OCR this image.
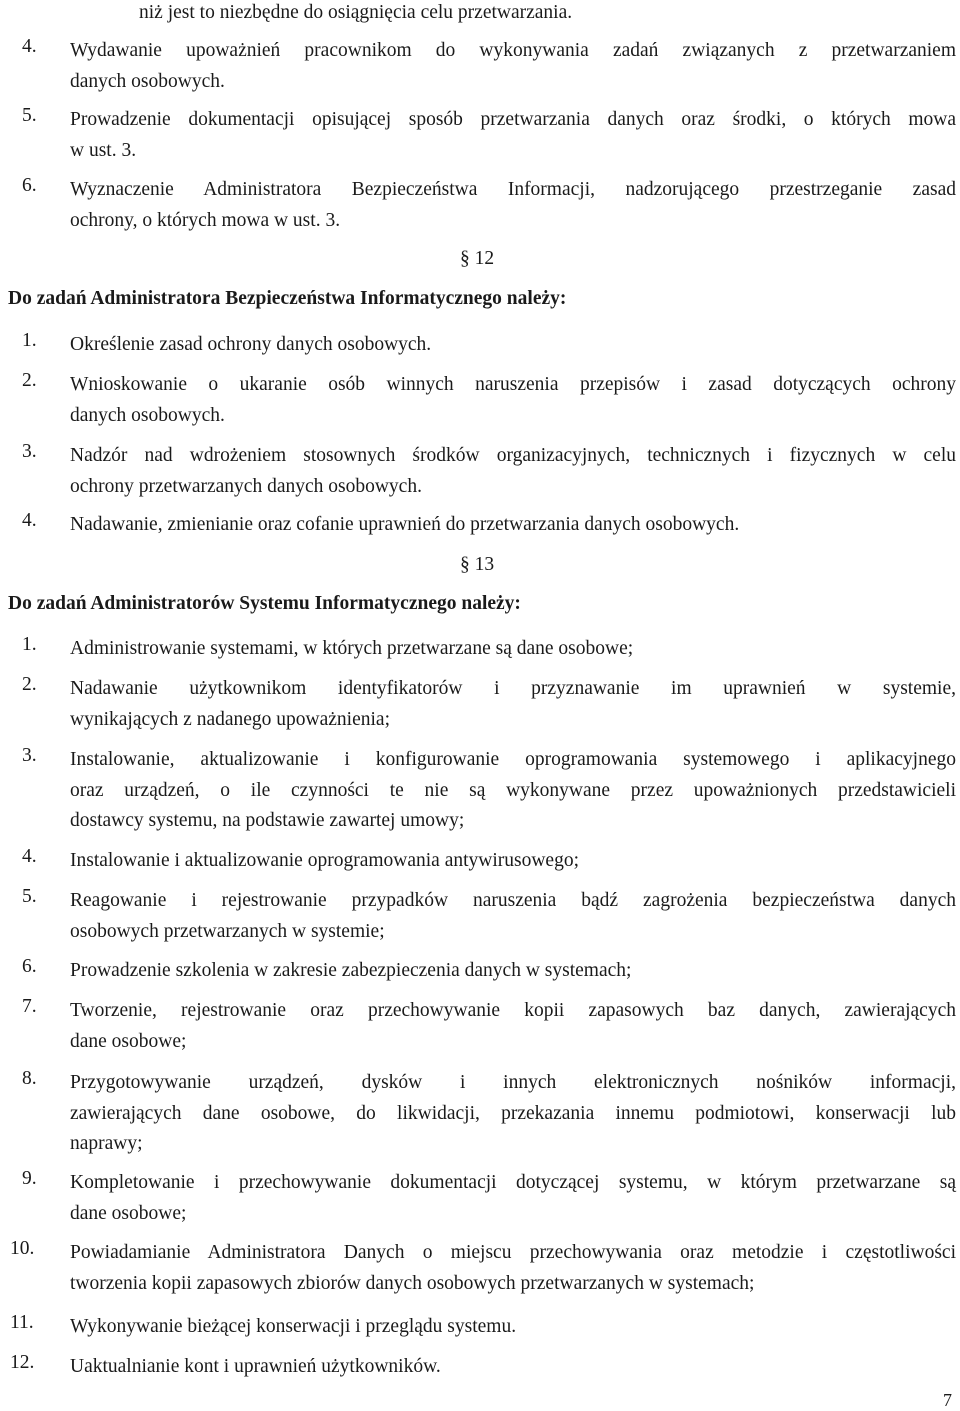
niż jest to niezbędne do osiągnięcia celu przetwarzania.
4.	Wydawanie upoważnień pracownikom do wykonywania zadań związanych z przetwarzaniem
danych osobowych.
5.	Prowadzenie dokumentacji opisującej sposób przetwarzania danych oraz środki, o których mowa
w ust. 3.
6.	Wyznaczenie Administratora Bezpieczeństwa Informacji, nadzorującego przestrzeganie zasad
ochrony, o których mowa w ust. 3.
§ 12
Do zadań Administratora Bezpieczeństwa Informatycznego należy:
1.	Określenie zasad ochrony danych osobowych.
2.	Wnioskowanie o ukaranie osób winnych naruszenia przepisów i zasad dotyczących ochrony
danych osobowych.
3.	Nadzór nad wdrożeniem stosownych środków organizacyjnych, technicznych i fizycznych w celu
ochrony przetwarzanych danych osobowych.
4.	Nadawanie, zmienianie oraz cofanie uprawnień do przetwarzania danych osobowych.
§ 13
Do zadań Administratorów Systemu Informatycznego należy:
1.	Administrowanie systemami, w których przetwarzane są dane osobowe;
2.	Nadawanie użytkownikom identyfikatorów i przyznawanie im uprawnień w systemie,
wynikających z nadanego upoważnienia;
3.	Instalowanie, aktualizowanie i konfigurowanie oprogramowania systemowego i aplikacyjnego
oraz urządzeń, o ile czynności te nie są wykonywane przez upoważnionych przedstawicieli
dostawcy systemu, na podstawie zawartej umowy;
4.	Instalowanie i aktualizowanie oprogramowania antywirusowego;
5.	Reagowanie i rejestrowanie przypadków naruszenia bądź zagrożenia bezpieczeństwa danych
osobowych przetwarzanych w systemie;
6.	Prowadzenie szkolenia w zakresie zabezpieczenia danych w systemach;
7.	Tworzenie, rejestrowanie oraz przechowywanie kopii zapasowych baz danych, zawierających
dane osobowe;
8.	Przygotowywanie urządzeń, dysków i innych elektronicznych nośników informacji,
zawierających dane osobowe, do likwidacji, przekazania innemu podmiotowi, konserwacji lub
naprawy;
9.	Kompletowanie i przechowywanie dokumentacji dotyczącej systemu, w którym przetwarzane są
dane osobowe;
10.	Powiadamianie Administratora Danych o miejscu przechowywania oraz metodzie i częstotliwości
tworzenia kopii zapasowych zbiorów danych osobowych przetwarzanych w systemach;
11.	Wykonywanie bieżącej konserwacji i przeglądu systemu.
12.	Uaktualnianie kont i uprawnień użytkowników.
7
